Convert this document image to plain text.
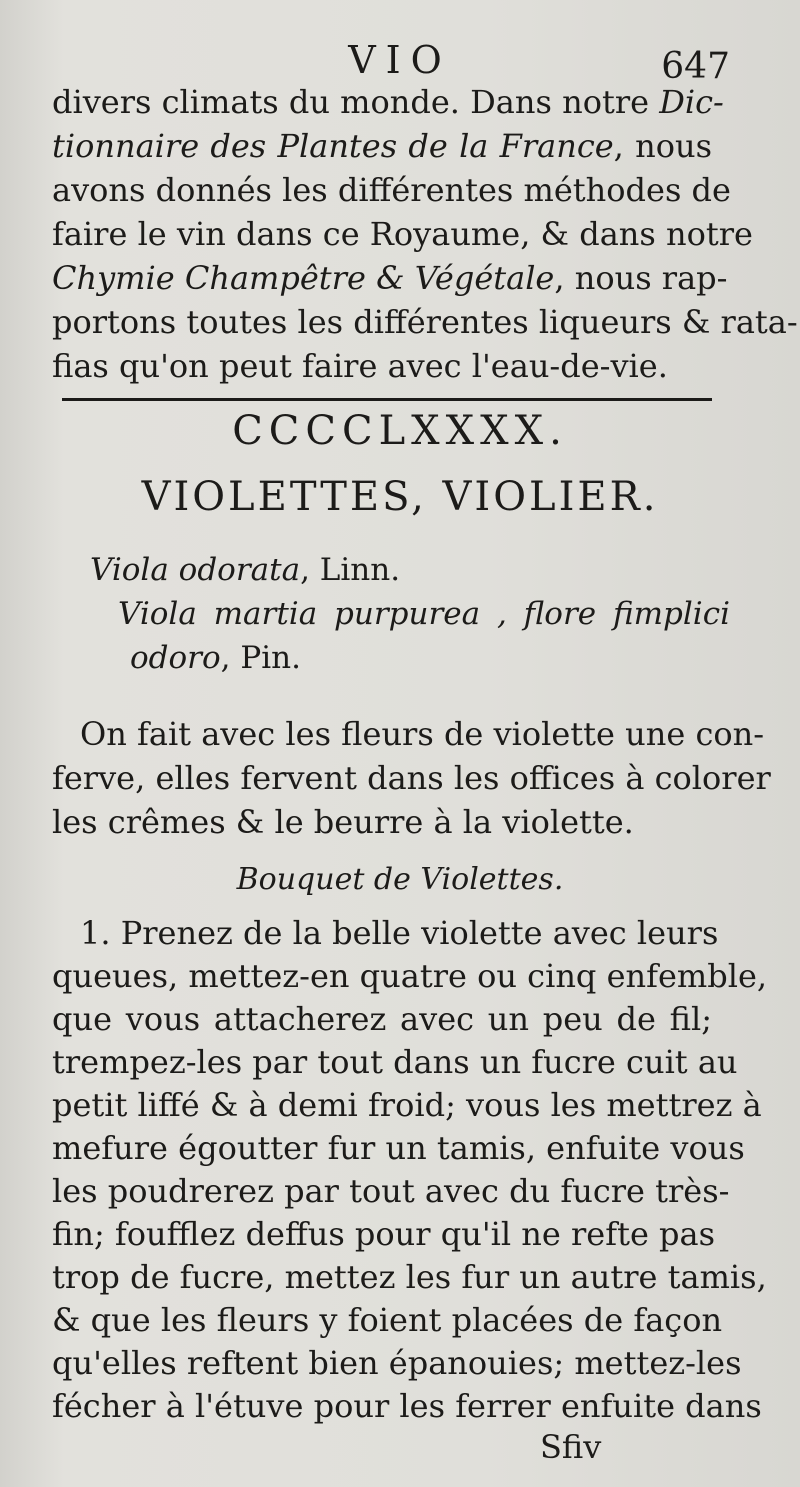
VIO	647
divers climats du monde. Dans notre Dic-
tionnaire des Plantes de la France, nous
avons donnés les différentes méthodes de
faire le vin dans ce Royaume, & dans notre
Chymie Champêtre & Végétale, nous rap-
portons toutes les différentes liqueurs & rata-
fias qu'on peut faire avec l'eau-de-vie.
CCCCLXXXX.
VIOLETTES, VIOLIER.
Viola odorata, Linn.
Viola martia purpurea , flore fimplici
odoro, Pin.
On fait avec les fleurs de violette une con-
ferve, elles fervent dans les offices à colorer
les crêmes & le beurre à la violette.
Bouquet de Violettes.
1. Prenez de la belle violette avec leurs
queues, mettez-en quatre ou cinq enfemble,
que vous attacherez avec un peu de fil;
trempez-les par tout dans un fucre cuit au
petit liffé & à demi froid; vous les mettrez à
mefure égoutter fur un tamis, enfuite vous
les poudrerez par tout avec du fucre très-
fin; foufflez deffus pour qu'il ne refte pas
trop de fucre, mettez les fur un autre tamis,
& que les fleurs y foient placées de façon
qu'elles reftent bien épanouies; mettez-les
fécher à l'étuve pour les ferrer enfuite dans
Sfiv
